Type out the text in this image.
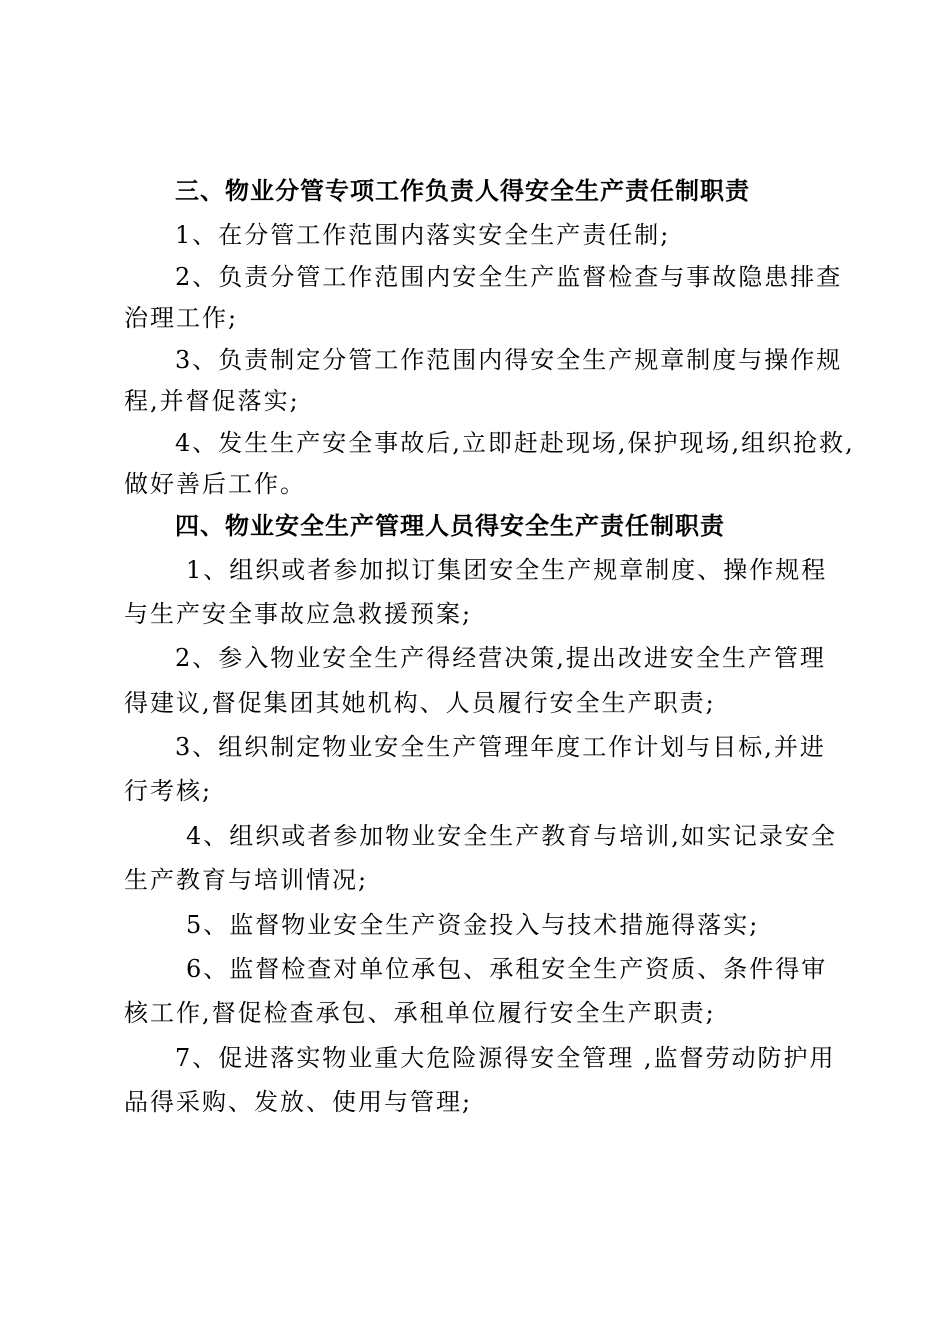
三、物业分管专项工作负责人得安全生产责任制职责
1、在分管工作范围内落实安全生产责任制;
2、负责分管工作范围内安全生产监督检查与事故隐患排查
治理工作;
3、负责制定分管工作范围内得安全生产规章制度与操作规
程,并督促落实;
4、发生生产安全事故后,立即赶赴现场,保护现场,组织抢救,
做好善后工作。
四、物业安全生产管理人员得安全生产责任制职责
1、组织或者参加拟订集团安全生产规章制度、操作规程
与生产安全事故应急救援预案;
2、参入物业安全生产得经营决策,提出改进安全生产管理
得建议,督促集团其她机构、人员履行安全生产职责;
3、组织制定物业安全生产管理年度工作计划与目标,并进
行考核;
4、组织或者参加物业安全生产教育与培训,如实记录安全
生产教育与培训情况;
5、监督物业安全生产资金投入与技术措施得落实;
6、监督检查对单位承包、承租安全生产资质、条件得审
核工作,督促检查承包、承租单位履行安全生产职责;
7、促进落实物业重大危险源得安全管理 ,监督劳动防护用
品得采购、发放、使用与管理;
